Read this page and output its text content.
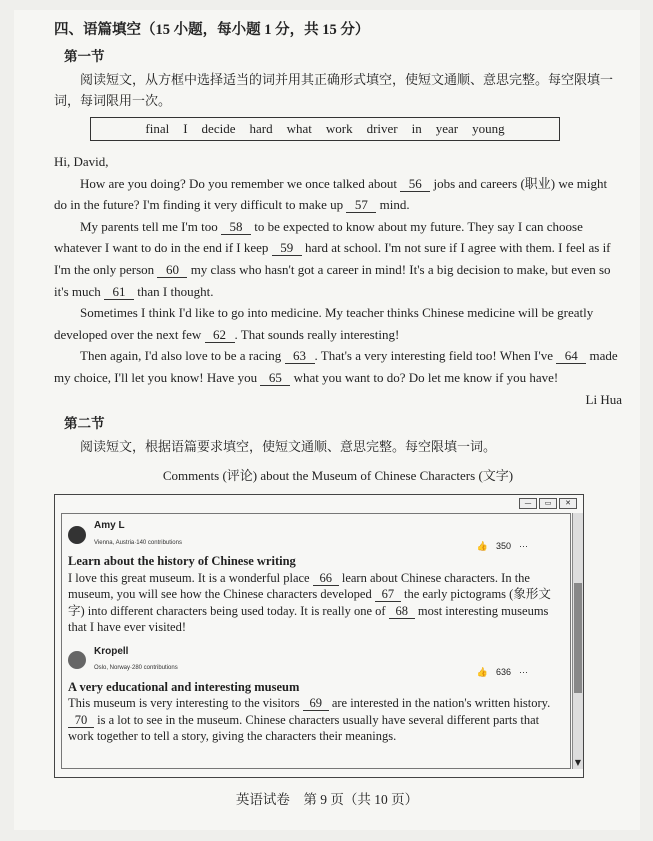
四、语篇填空（15 小题，每小题 1 分，共 15 分）
第一节
阅读短文，从方框中选择适当的词并用其正确形式填空，使短文通顺、意思完整。每空限填一词，每词限用一次。
final I decide hard what work driver in year young

Hi, David,

How are you doing? Do you remember we once talked about 56 jobs and careers (职业) we might do in the future? I'm finding it very difficult to make up 57 mind.

My parents tell me I'm too 58 to be expected to know about my future. They say I can choose whatever I want to do in the end if I keep 59 hard at school. I'm not sure if I agree with them. I feel as if I'm the only person 60 my class who hasn't got a career in mind! It's a big decision to make, but even so it's much 61 than I thought.

Sometimes I think I'd like to go into medicine. My teacher thinks Chinese medicine will be greatly developed over the next few 62 . That sounds really interesting!

Then again, I'd also love to be a racing 63 . That's a very interesting field too! When I've 64 made my choice, I'll let you know! Have you 65 what you want to do? Do let me know if you have!

Li Hua

第二节
阅读短文，根据语篇要求填空，使短文通顺、意思完整。每空限填一词。
Comments (评论) about the Museum of Chinese Characters (文字)
—	▭	✕
Amy L
Vienna, Austria·140 contributions	👍 350 ···
Learn about the history of Chinese writing
I love this great museum. It is a wonderful place 66 learn about Chinese characters. In the museum, you will see how the Chinese characters developed 67 the early pictograms (象形文字) into different characters being used today. It is really one of 68 most interesting museums that I have ever visited!
Kropell
Oslo, Norway·280 contributions	👍 636 ···
A very educational and interesting museum
This museum is very interesting to the visitors 69 are interested in the nation's written history. 70 is a lot to see in the museum. Chinese characters usually have several different parts that work together to tell a story, giving the characters their meanings.
▼
英语试卷　第 9 页（共 10 页）
